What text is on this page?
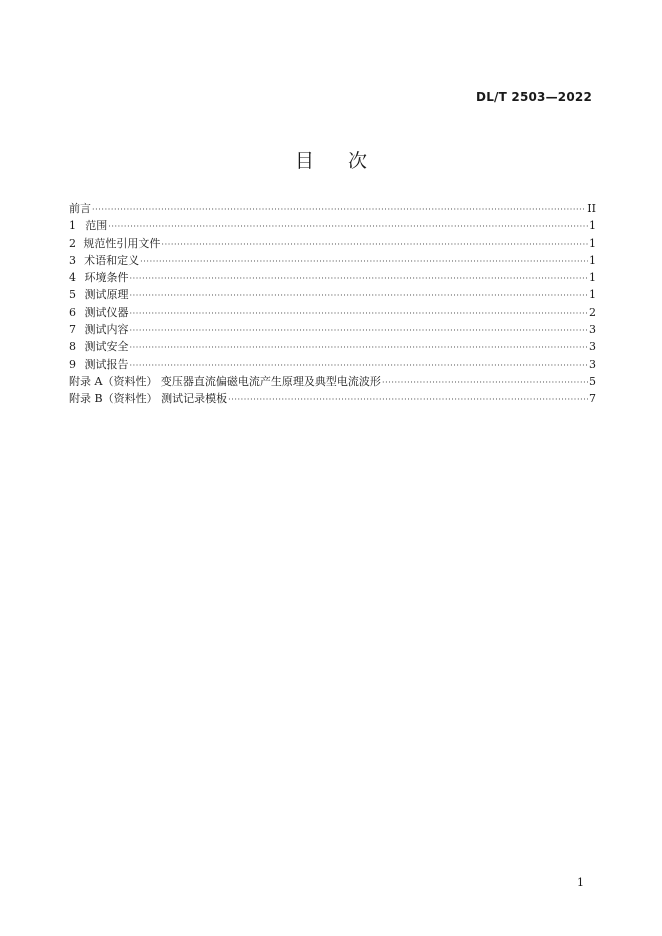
DL/T 2503—2022
目 次
前言 ·····	II
1 范围 ·····	1
2 规范性引用文件 ·····	1
3 术语和定义 ·····	1
4 环境条件 ·····	1
5 测试原理 ·····	1
6 测试仪器 ·····	2
7 测试内容 ·····	3
8 测试安全 ·····	3
9 测试报告 ·····	3
附录 A（资料性） 变压器直流偏磁电流产生原理及典型电流波形 ·····	5
附录 B（资料性） 测试记录模板 ·····	7
1
